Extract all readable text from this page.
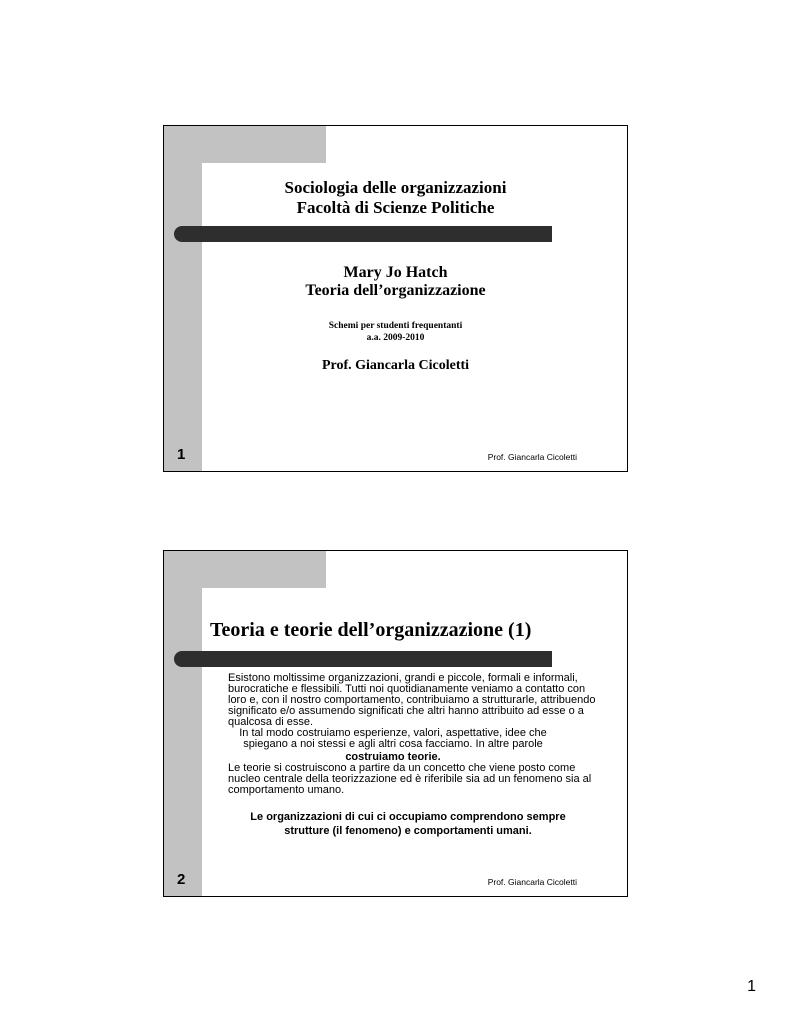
Sociologia delle organizzazioni
Facoltà di Scienze Politiche
Mary Jo Hatch
Teoria dell’organizzazione
Schemi per studenti frequentanti
a.a. 2009-2010
Prof. Giancarla Cicoletti
1	Prof. Giancarla Cicoletti
Teoria e teorie dell’organizzazione (1)

Esistono moltissime organizzazioni, grandi e piccole, formali e informali, burocratiche e flessibili. Tutti noi quotidianamente veniamo a contatto con loro e, con il nostro comportamento, contribuiamo a strutturarle, attribuendo significato e/o assumendo significati che altri hanno attribuito ad esse o a qualcosa di esse.

In tal modo costruiamo esperienze, valori, aspettative, idee che spiegano a noi stessi e agli altri cosa facciamo. In altre parole

costruiamo teorie.

Le teorie si costruiscono a partire da un concetto che viene posto come nucleo centrale della teorizzazione ed è riferibile sia ad un fenomeno sia al comportamento umano.

Le organizzazioni di cui ci occupiamo comprendono sempre strutture (il fenomeno) e comportamenti umani.

2	Prof. Giancarla Cicoletti
1
